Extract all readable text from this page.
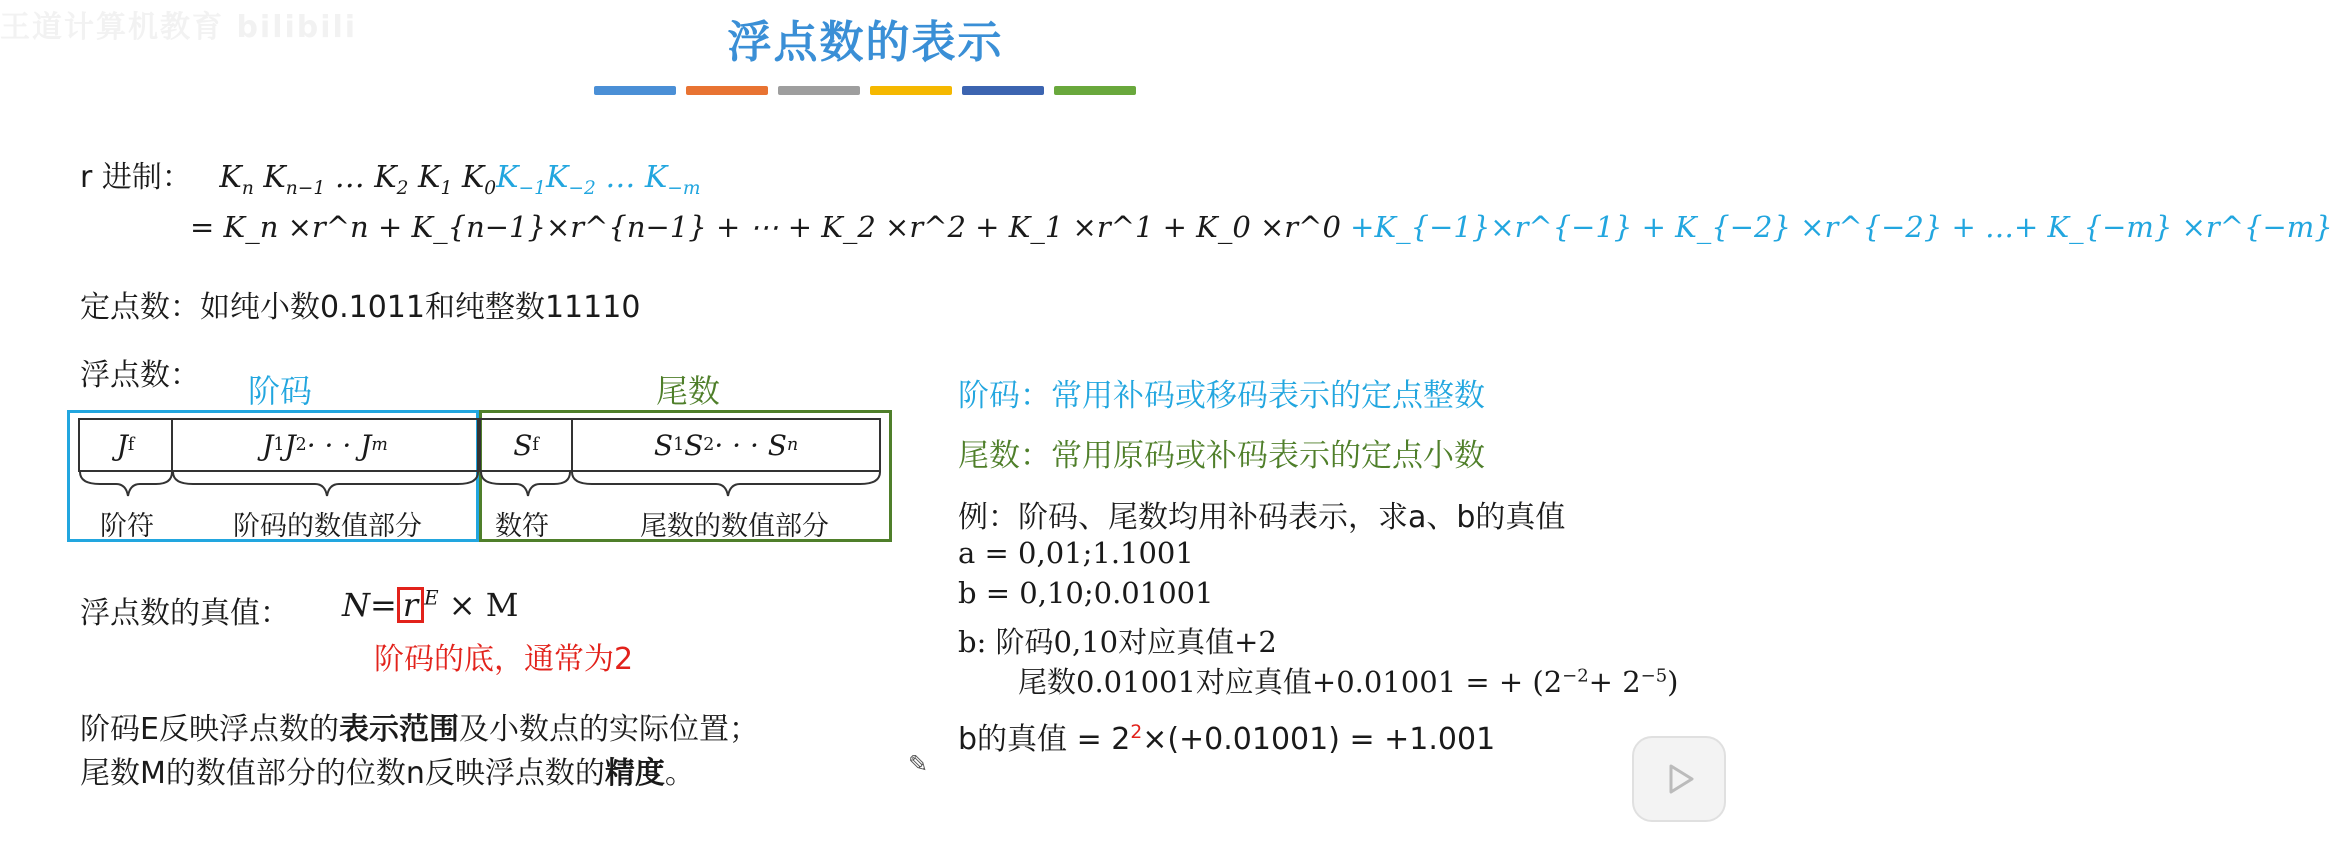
王道计算机教育 bilibili	浮点数的表示
r 进制： $K_n$ $K_{n-1}$ … $K_2$ $K_1$ $K_0K_{-1}K_{-2}$ … $K_{-m}$
= K_n ×r^n + K_{n−1}×r^{n−1} + ⋯ + K_2 ×r^2 + K_1 ×r^1 + K_0 ×r^0 +K_{−1}×r^{−1} + K_{−2} ×r^{−2} + …+ K_{−m} ×r^{−m}
定点数：如纯小数0.1011和纯整数11110
浮点数： 阶码	尾数
J f	J 1 J 2 · · · J m	S f	S 1 S 2 · · · S n
阶符	阶码的数值部分	数符	尾数的数值部分
浮点数的真值： N= r $^E$ × M
阶码的底，通常为2
阶码E反映浮点数的表示范围及小数点的实际位置；
尾数M的数值部分的位数n反映浮点数的精度。
阶码：常用补码或移码表示的定点整数
尾数：常用原码或补码表示的定点小数
例：阶码、尾数均用补码表示，求a、b的真值
a = 0,01;1.1001
b = 0,10;0.01001
b: 阶码0,10对应真值+2
尾数0.01001对应真值+0.01001 = + $(2^{-2}+ 2^{-5})$
b的真值 = $2^2\times(+0.01001) = +1.001$
✎
